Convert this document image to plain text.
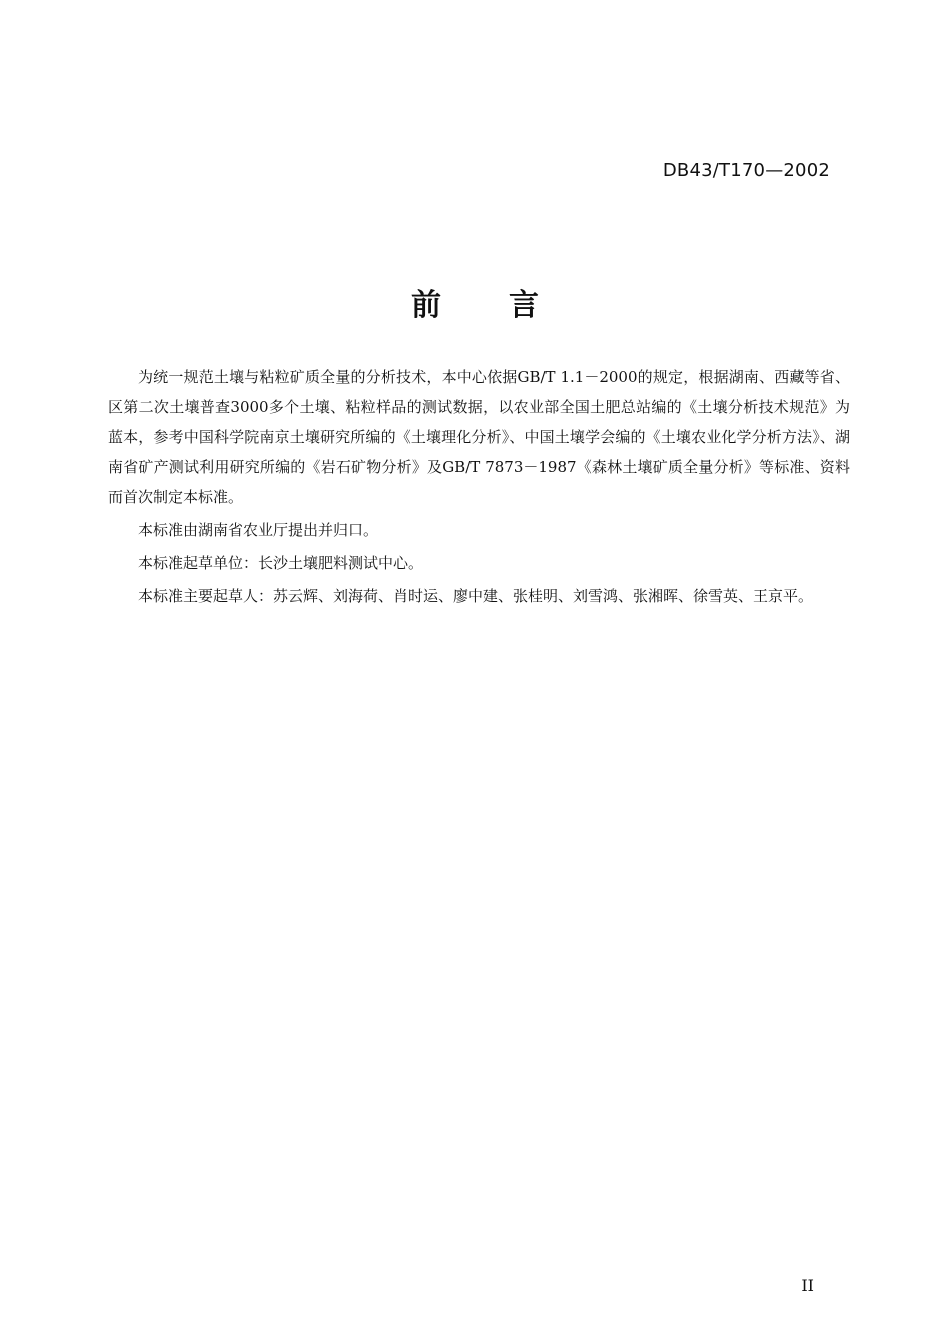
DB43/T170—2002
前言

为统一规范土壤与粘粒矿质全量的分析技术，本中心依据GB/T 1.1－2000的规定，根据湖南、西藏等省、区第二次土壤普查3000多个土壤、粘粒样品的测试数据，以农业部全国土肥总站编的《土壤分析技术规范》为蓝本，参考中国科学院南京土壤研究所编的《土壤理化分析》、中国土壤学会编的《土壤农业化学分析方法》、湖南省矿产测试利用研究所编的《岩石矿物分析》及GB/T 7873－1987《森林土壤矿质全量分析》等标准、资料而首次制定本标准。

本标准由湖南省农业厅提出并归口。

本标准起草单位：长沙土壤肥料测试中心。

本标准主要起草人：苏云辉、刘海荷、肖时运、廖中建、张桂明、刘雪鸿、张湘晖、徐雪英、王京平。

II
